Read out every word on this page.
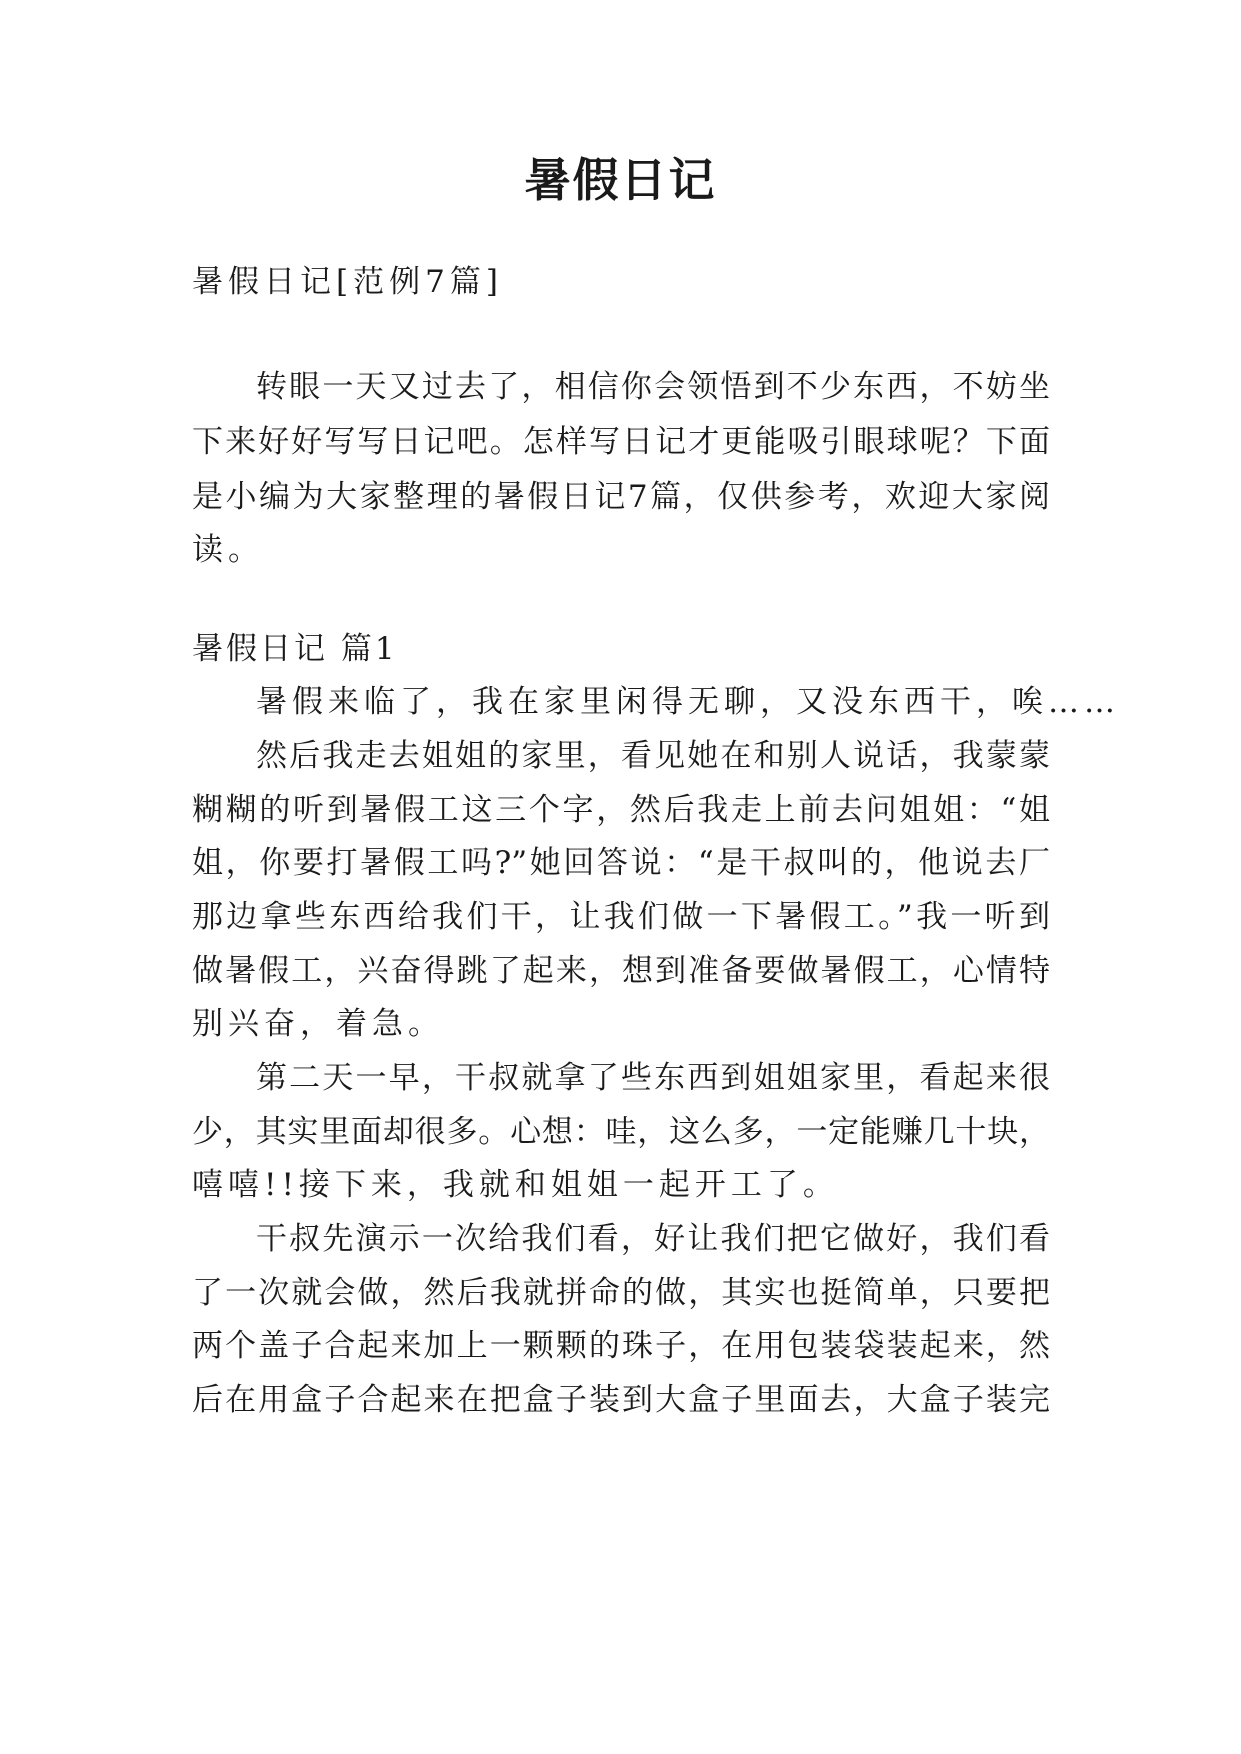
暑假日记
暑假日记[范例7篇]
转眼一天又过去了，相信你会领悟到不少东西，不妨坐
下来好好写写日记吧。怎样写日记才更能吸引眼球呢？下面
是小编为大家整理的暑假日记7篇，仅供参考，欢迎大家阅
读。
暑假日记 篇1
暑假来临了，我在家里闲得无聊，又没东西干，唉……
然后我走去姐姐的家里，看见她在和别人说话，我蒙蒙
糊糊的听到暑假工这三个字，然后我走上前去问姐姐：“姐
姐，你要打暑假工吗?”她回答说：“是干叔叫的，他说去厂
那边拿些东西给我们干，让我们做一下暑假工。”我一听到
做暑假工，兴奋得跳了起来，想到准备要做暑假工，心情特
别兴奋，着急。
第二天一早，干叔就拿了些东西到姐姐家里，看起来很
少，其实里面却很多。心想：哇，这么多，一定能赚几十块，
嘻嘻!!接下来，我就和姐姐一起开工了。
干叔先演示一次给我们看，好让我们把它做好，我们看
了一次就会做，然后我就拼命的做，其实也挺简单，只要把
两个盖子合起来加上一颗颗的珠子，在用包装袋装起来，然
后在用盒子合起来在把盒子装到大盒子里面去，大盒子装完
